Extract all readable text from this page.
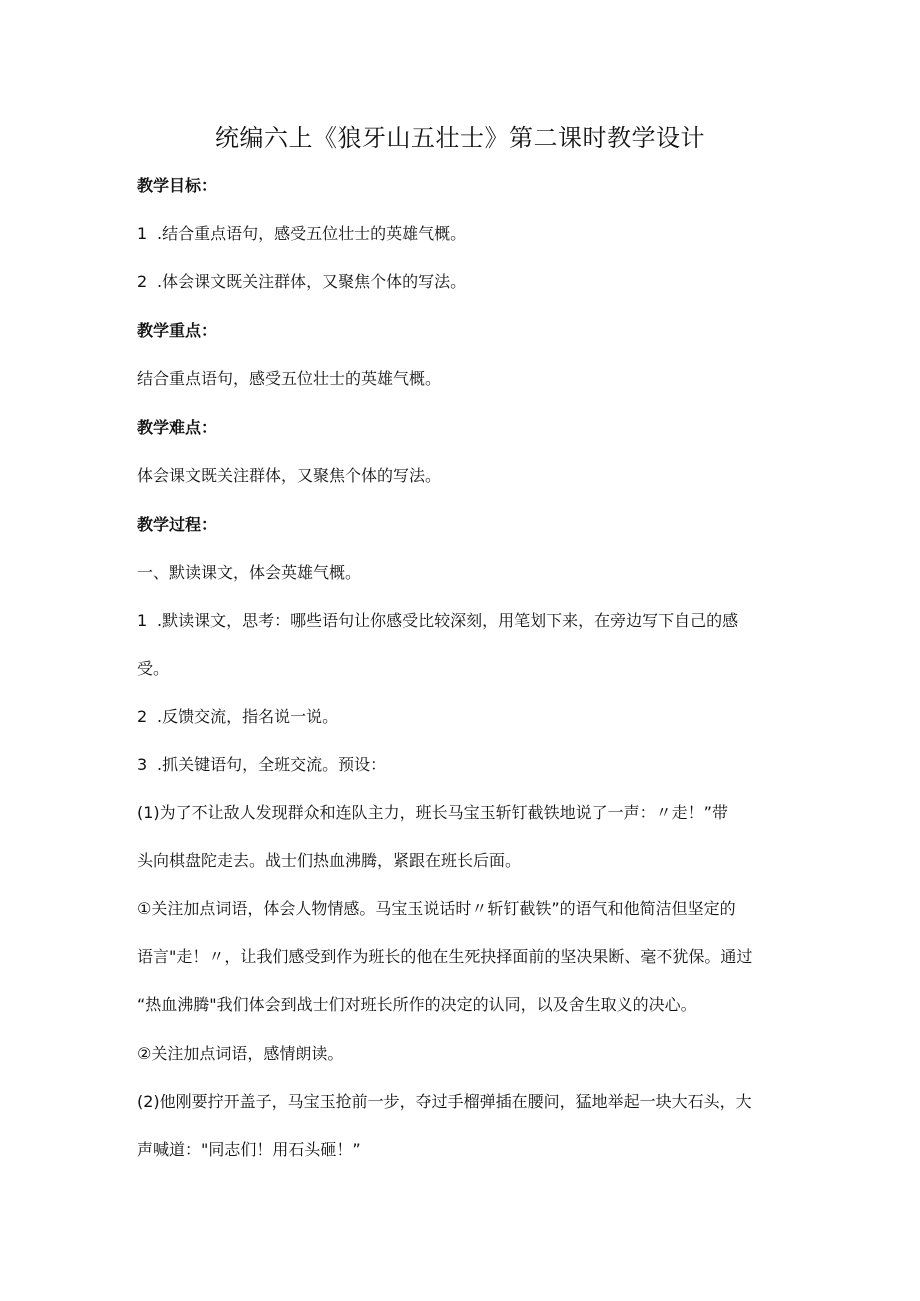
统编六上《狼牙山五壮士》第二课时教学设计
教学目标：
1 .结合重点语句，感受五位壮士的英雄气概。
2 .体会课文既关注群体，又聚焦个体的写法。
教学重点：
结合重点语句，感受五位壮士的英雄气概。
教学难点：
体会课文既关注群体，又聚焦个体的写法。
教学过程：
一、默读课文，体会英雄气概。
1 .默读课文，思考：哪些语句让你感受比较深刻，用笔划下来，在旁边写下自己的感
受。
2 .反馈交流，指名说一说。
3 .抓关键语句，全班交流。预设：
(1)为了不让敌人发现群众和连队主力，班长马宝玉斩钉截铁地说了一声：〃走！”带
头向棋盘陀走去。战士们热血沸腾，紧跟在班长后面。
①关注加点词语，体会人物情感。马宝玉说话时〃斩钉截铁”的语气和他简洁但坚定的
语言"走！〃，让我们感受到作为班长的他在生死抉择面前的坚决果断、毫不犹保。通过
“热血沸腾"我们体会到战士们对班长所作的决定的认同，以及舍生取义的决心。
②关注加点词语，感情朗读。
(2)他刚要拧开盖子，马宝玉抢前一步，夺过手榴弹插在腰问，猛地举起一块大石头，大
声喊道："同志们！用石头砸！”
